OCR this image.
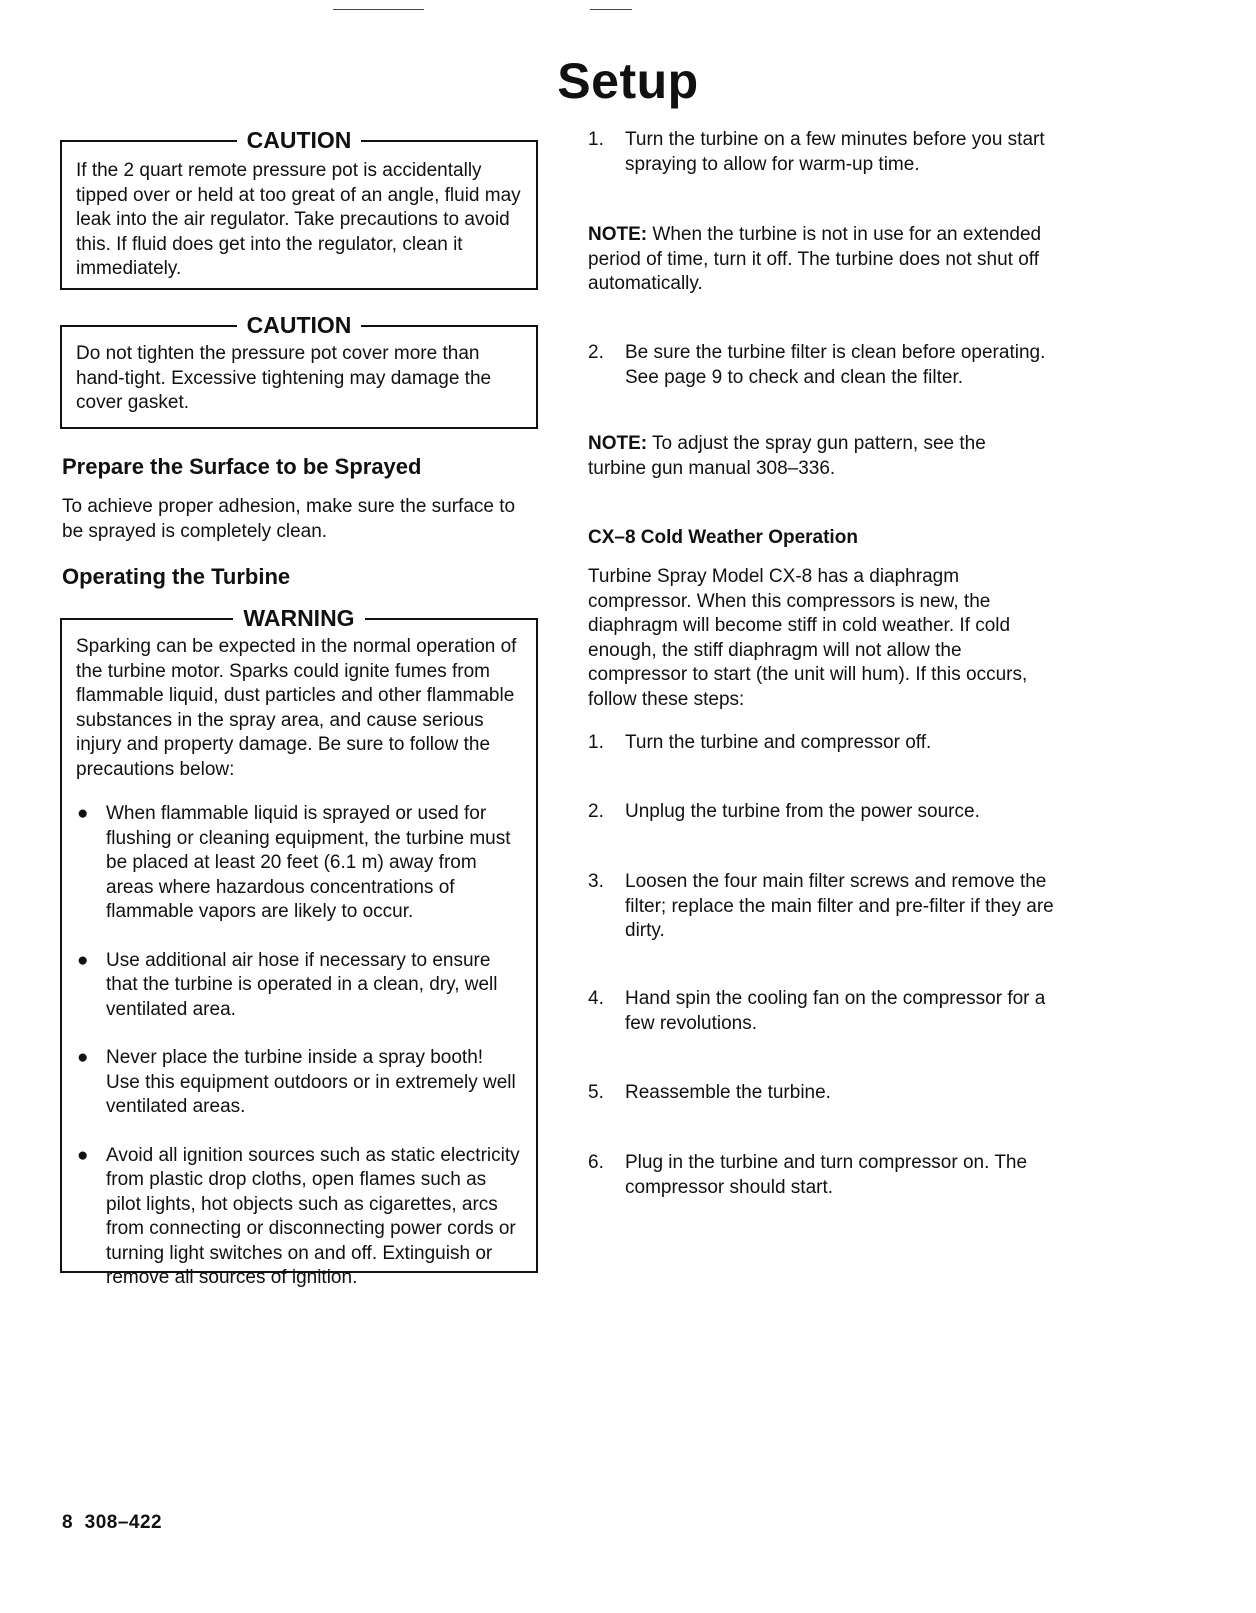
Setup
CAUTION
If the 2 quart remote pressure pot is accidentally tipped over or held at too great of an angle, fluid may leak into the air regulator. Take precautions to avoid this. If fluid does get into the regulator, clean it immediately.
CAUTION
Do not tighten the pressure pot cover more than hand-tight. Excessive tightening may damage the cover gasket.
Prepare the Surface to be Sprayed
To achieve proper adhesion, make sure the surface to be sprayed is completely clean.
Operating the Turbine
WARNING
Sparking can be expected in the normal operation of the turbine motor. Sparks could ignite fumes from flammable liquid, dust particles and other flammable substances in the spray area, and cause serious injury and property damage. Be sure to follow the precautions below:
● When flammable liquid is sprayed or used for flushing or cleaning equipment, the turbine must be placed at least 20 feet (6.1 m) away from areas where hazardous concentrations of flammable vapors are likely to occur.
● Use additional air hose if necessary to ensure that the turbine is operated in a clean, dry, well ventilated area.
● Never place the turbine inside a spray booth! Use this equipment outdoors or in extremely well ventilated areas.
● Avoid all ignition sources such as static electricity from plastic drop cloths, open flames such as pilot lights, hot objects such as cigarettes, arcs from connecting or disconnecting power cords or turning light switches on and off. Extinguish or remove all sources of ignition.
1. Turn the turbine on a few minutes before you start spraying to allow for warm-up time.
NOTE: When the turbine is not in use for an extended period of time, turn it off. The turbine does not shut off automatically.
2. Be sure the turbine filter is clean before operating. See page 9 to check and clean the filter.
NOTE: To adjust the spray gun pattern, see the turbine gun manual 308–336.
CX–8 Cold Weather Operation
Turbine Spray Model CX-8 has a diaphragm compressor. When this compressors is new, the diaphragm will become stiff in cold weather. If cold enough, the stiff diaphragm will not allow the compressor to start (the unit will hum). If this occurs, follow these steps:
1. Turn the turbine and compressor off.
2. Unplug the turbine from the power source.
3. Loosen the four main filter screws and remove the filter; replace the main filter and pre-filter if they are dirty.
4. Hand spin the cooling fan on the compressor for a few revolutions.
5. Reassemble the turbine.
6. Plug in the turbine and turn compressor on. The compressor should start.
8  308–422
